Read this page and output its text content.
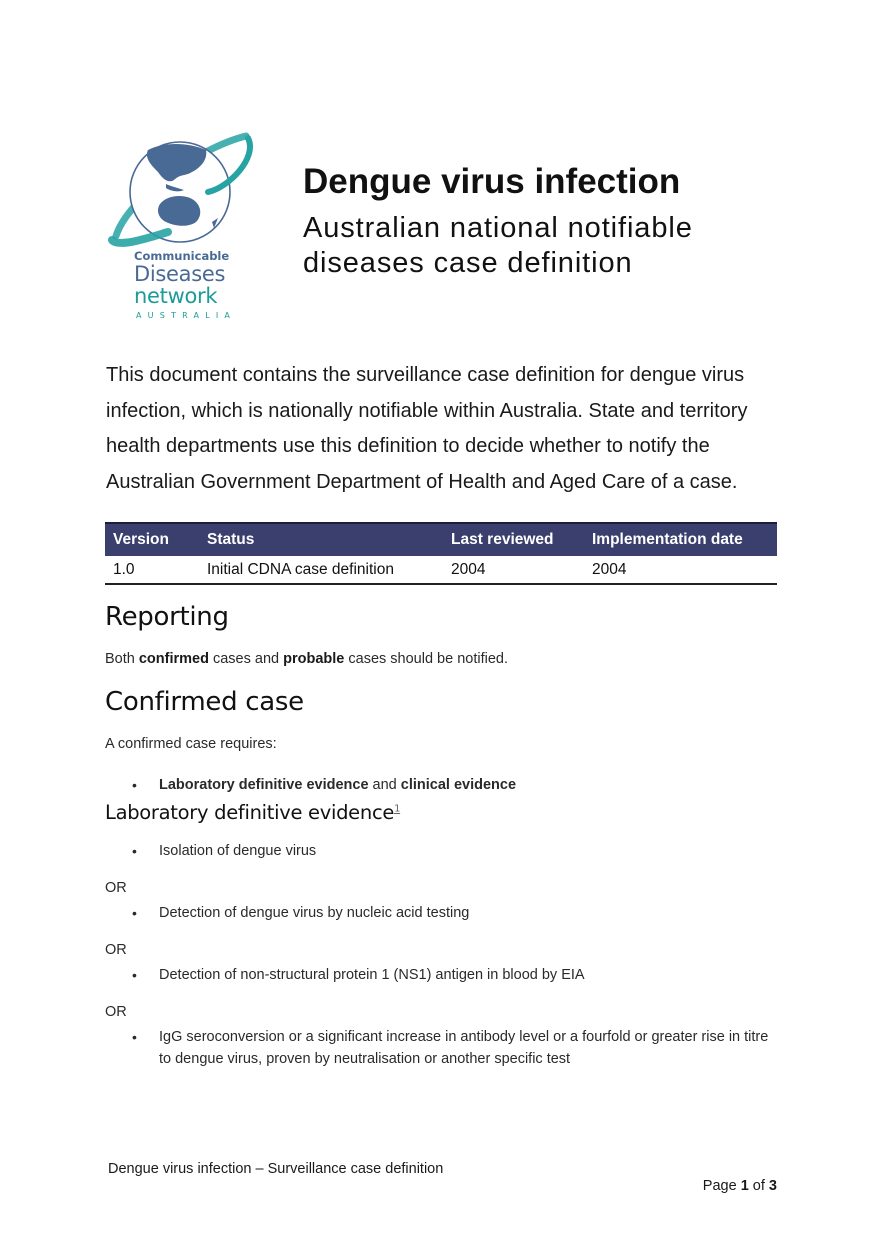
Communicable
Diseases
network
AUSTRALIA
Dengue virus infection
Australian national notifiable diseases case definition
This document contains the surveillance case definition for dengue virus infection, which is nationally notifiable within Australia. State and territory health departments use this definition to decide whether to notify the Australian Government Department of Health and Aged Care of a case.
Version	Status	Last reviewed	Implementation date
1.0	Initial CDNA case definition	2004	2004
Reporting
Both confirmed cases and probable cases should be notified.
Confirmed case
A confirmed case requires:
•	Laboratory definitive evidence and clinical evidence
Laboratory definitive evidence$^1$
•	Isolation of dengue virus
OR
•	Detection of dengue virus by nucleic acid testing
OR
•	Detection of non-structural protein 1 (NS1) antigen in blood by EIA
OR
•	IgG seroconversion or a significant increase in antibody level or a fourfold or greater rise in titre to dengue virus, proven by neutralisation or another specific test
Dengue virus infection – Surveillance case definition
Page 1 of 3
